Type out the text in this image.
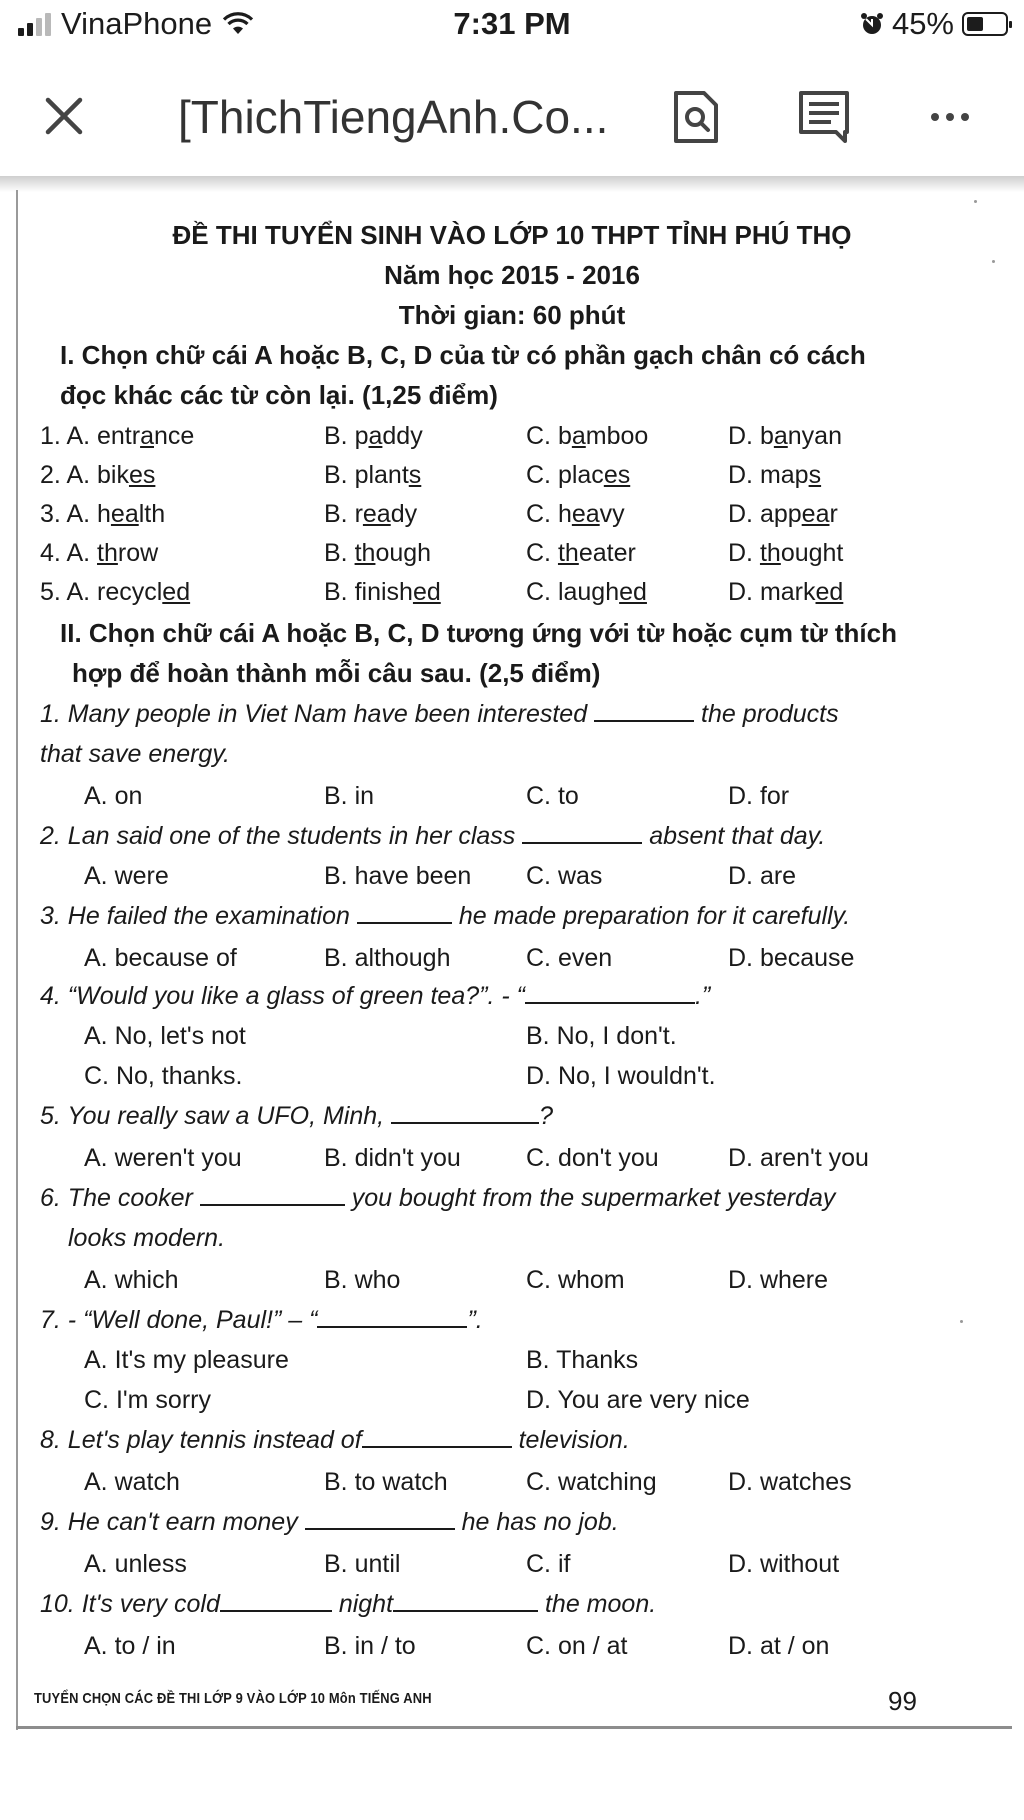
VinaPhone	7:31 PM	45%
[ThichTiengAnh.Co...
ĐỀ THI TUYỂN SINH VÀO LỚP 10 THPT TỈNH PHÚ THỌ
Năm học 2015 - 2016
Thời gian: 60 phút
I. Chọn chữ cái A hoặc B, C, D của từ có phần gạch chân có cách
đọc khác các từ còn lại. (1,25 điểm)
1. A. entrance	B. paddy	C. bamboo	D. banyan
2. A. bikes	B. plants	C. places	D. maps
3. A. health	B. ready	C. heavy	D. appear
4. A. throw	B. though	C. theater	D. thought
5. A. recycled	B. finished	C. laughed	D. marked
II. Chọn chữ cái A hoặc B, C, D tương ứng với từ hoặc cụm từ thích
hợp để hoàn thành mỗi câu sau. (2,5 điểm)
1. Many people in Viet Nam have been interested	the products
that save energy.
A. on	B. in	C. to	D. for
2. Lan said one of the students in her class	absent that day.
A. were	B. have been C. was	D. are
3. He failed the examination	he made preparation for it carefully.
A. because of	B. although	C. even	D. because
4. “Would you like a glass of green tea?”. - “	.”
A. No, let's not	B. No, I don't.
C. No, thanks.	D. No, I wouldn't.
5. You really saw a UFO, Minh,	?
A. weren't you	B. didn't you	C. don't you	D. aren't you
6. The cooker	you bought from the supermarket yesterday
looks modern.
A. which	B. who	C. whom	D. where
7. - “Well done, Paul!” – “	”.
A. It's my pleasure	B. Thanks
C. I'm sorry	D. You are very nice
8. Let's play tennis instead of	television.
A. watch	B. to watch	C. watching	D. watches
9. He can't earn money	he has no job.
A. unless	B. until	C. if	D. without
10. It's very cold	night	the moon.
A. to / in	B. in / to	C. on / at	D. at / on
TUYỂN CHỌN CÁC ĐỀ THI LỚP 9 VÀO LỚP 10 Môn TIẾNG ANH	99
